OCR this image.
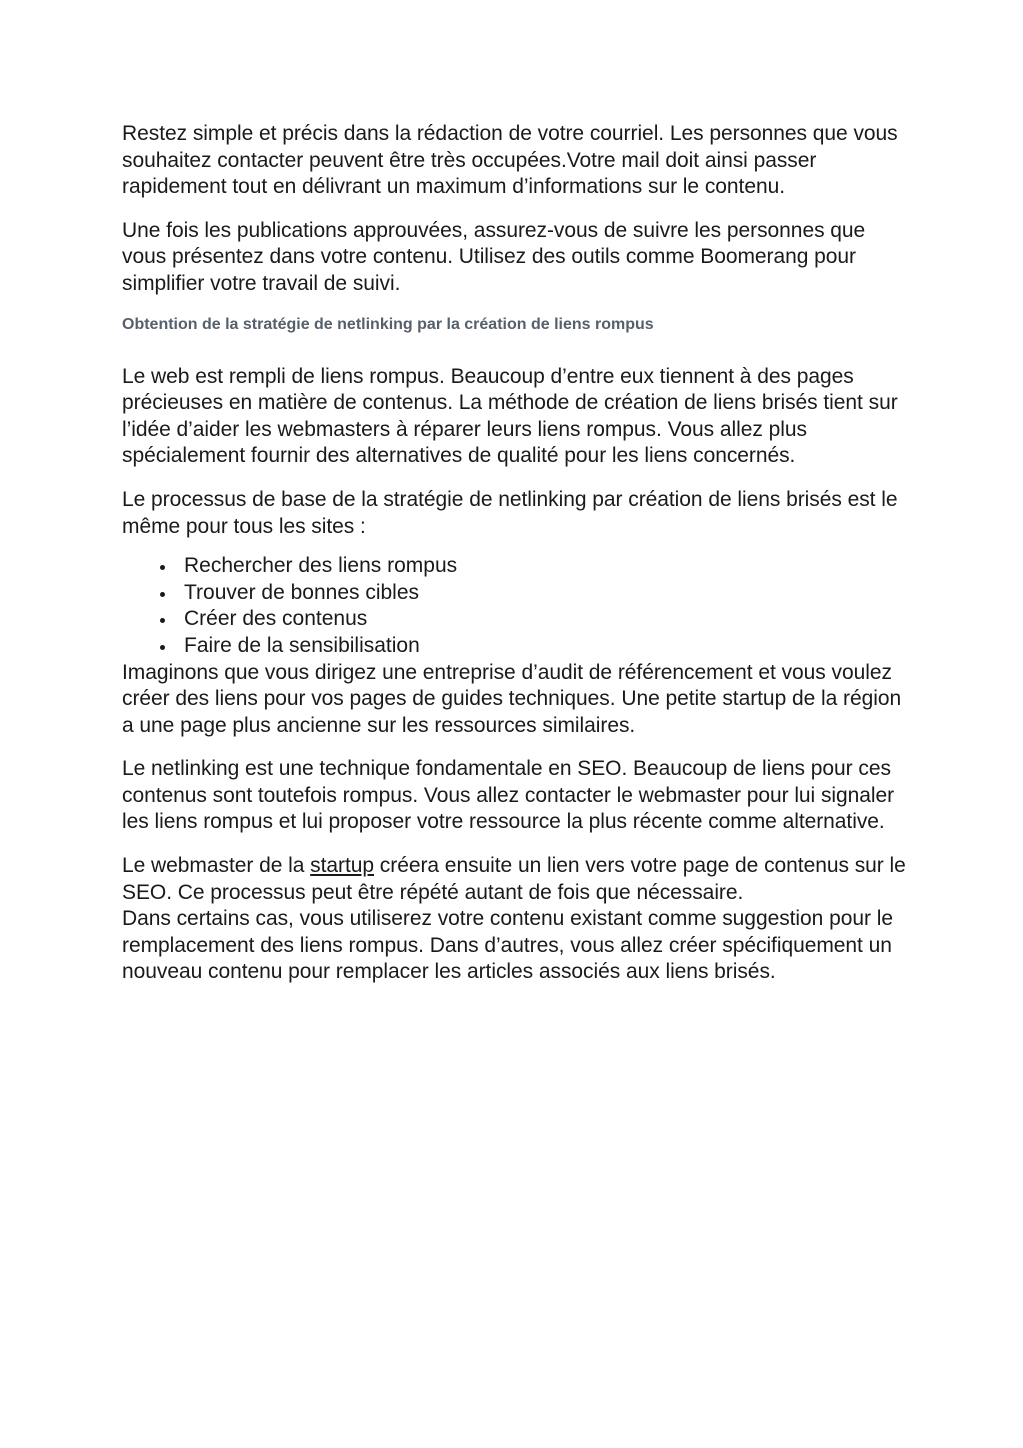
Restez simple et précis dans la rédaction de votre courriel. Les personnes que vous souhaitez contacter peuvent être très occupées.Votre mail doit ainsi passer rapidement tout en délivrant un maximum d’informations sur le contenu.

Une fois les publications approuvées, assurez-vous de suivre les personnes que vous présentez dans votre contenu. Utilisez des outils comme Boomerang pour simplifier votre travail de suivi.

Obtention de la stratégie de netlinking par la création de liens rompus

Le web est rempli de liens rompus. Beaucoup d’entre eux tiennent à des pages précieuses en matière de contenus. La méthode de création de liens brisés tient sur l’idée d’aider les webmasters à réparer leurs liens rompus. Vous allez plus spécialement fournir des alternatives de qualité pour les liens concernés.

Le processus de base de la stratégie de netlinking par création de liens brisés est le même pour tous les sites :

Rechercher des liens rompus
Trouver de bonnes cibles
Créer des contenus
Faire de la sensibilisation

Imaginons que vous dirigez une entreprise d’audit de référencement et vous voulez créer des liens pour vos pages de guides techniques. Une petite startup de la région a une page plus ancienne sur les ressources similaires.

Le netlinking est une technique fondamentale en SEO. Beaucoup de liens pour ces contenus sont toutefois rompus. Vous allez contacter le webmaster pour lui signaler les liens rompus et lui proposer votre ressource la plus récente comme alternative.

Le webmaster de la startup créera ensuite un lien vers votre page de contenus sur le SEO. Ce processus peut être répété autant de fois que nécessaire.

Dans certains cas, vous utiliserez votre contenu existant comme suggestion pour le remplacement des liens rompus. Dans d’autres, vous allez créer spécifiquement un nouveau contenu pour remplacer les articles associés aux liens brisés.
